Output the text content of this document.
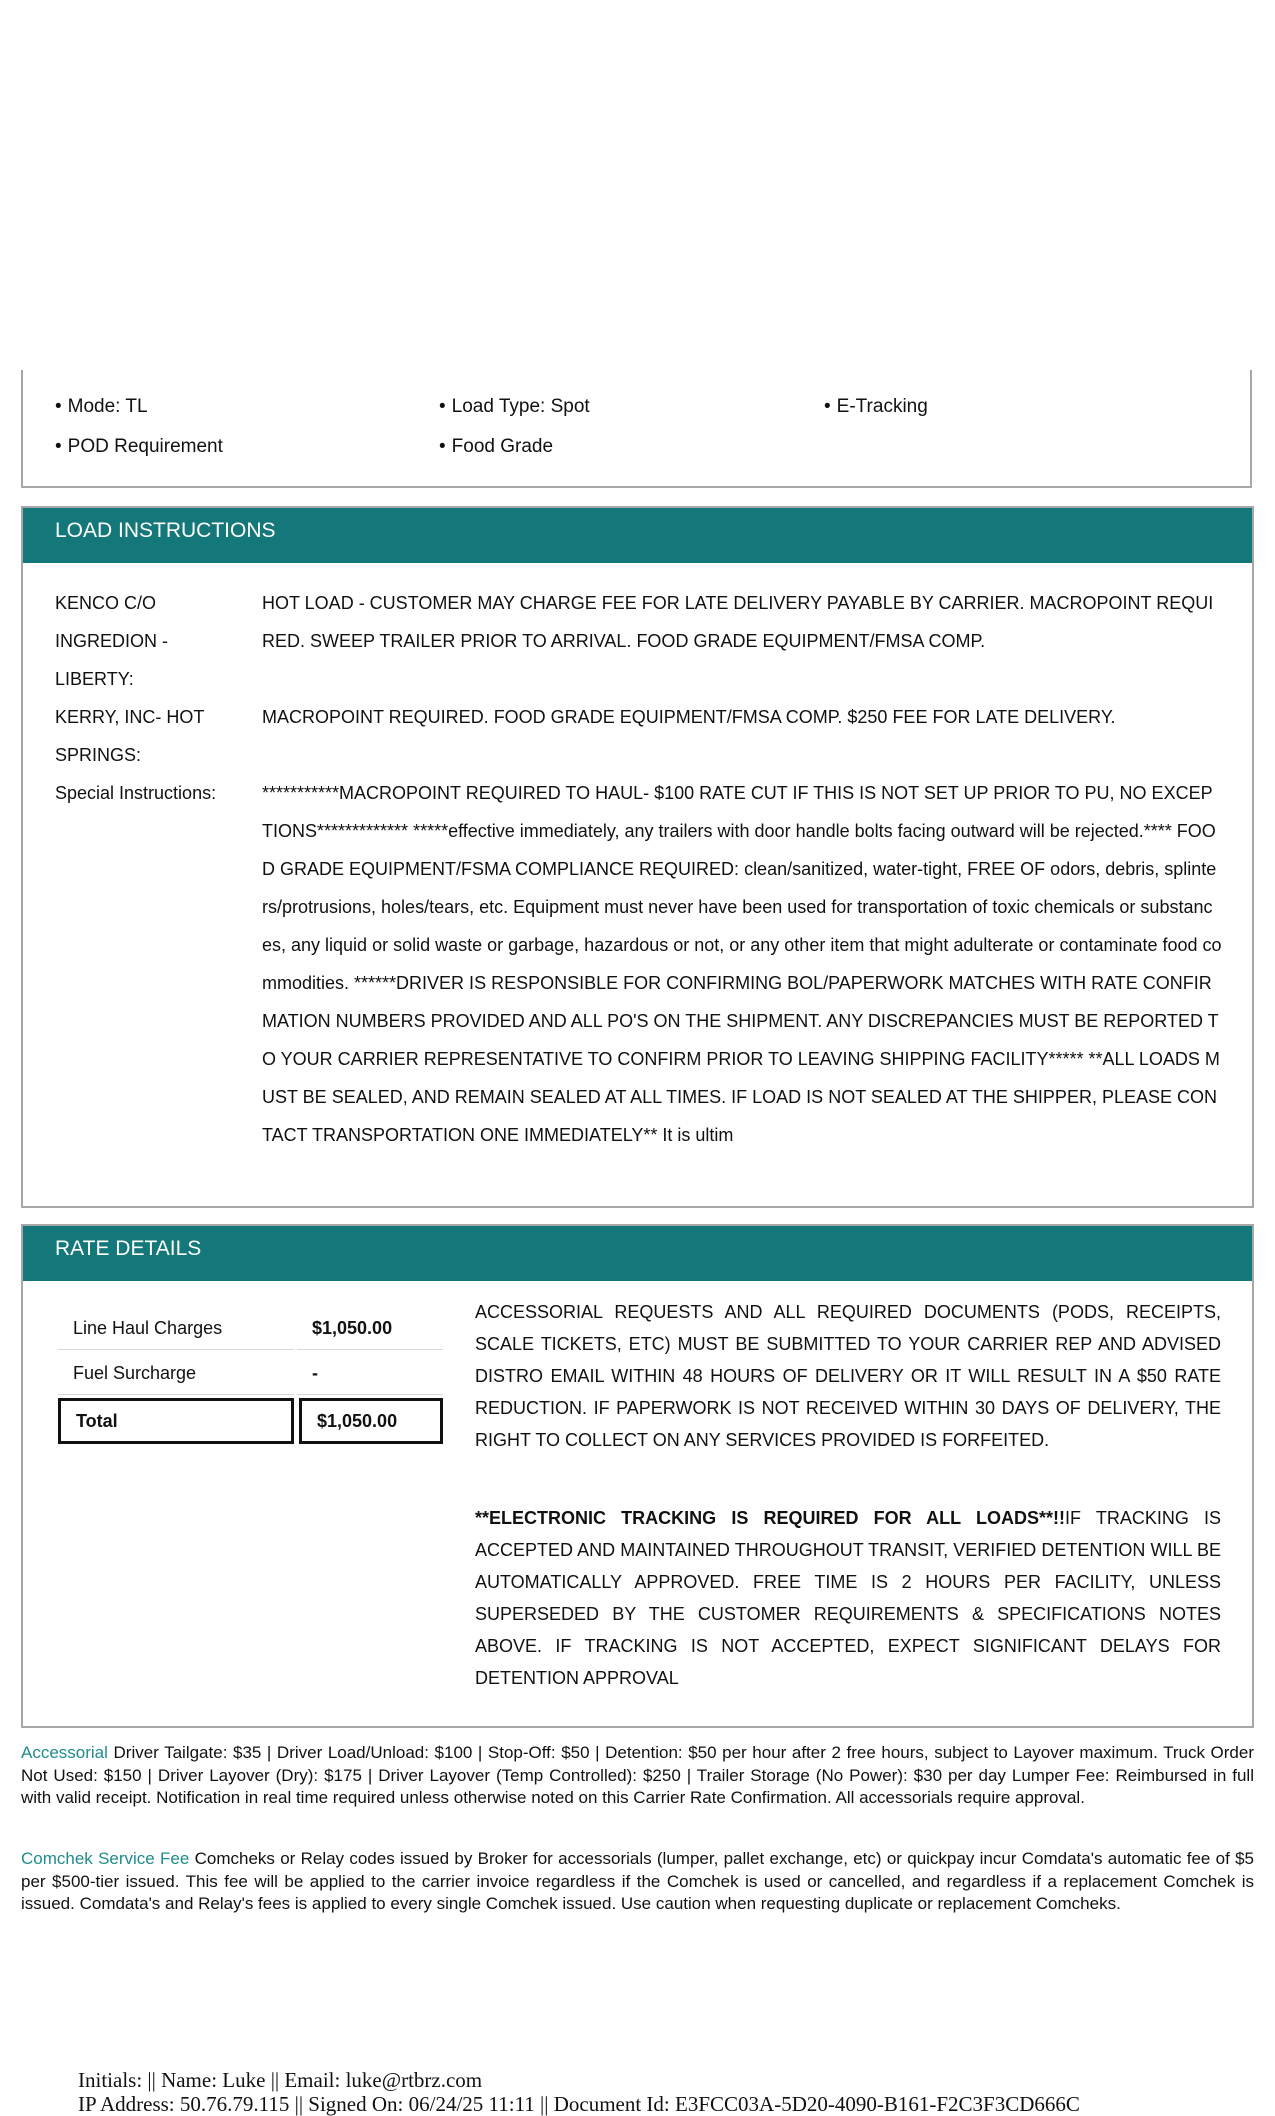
• Mode: TL	• Load Type: Spot	• E-Tracking
• POD Requirement	• Food Grade
LOAD INSTRUCTIONS
KENCO C/O INGREDION - LIBERTY:
HOT LOAD - CUSTOMER MAY CHARGE FEE FOR LATE DELIVERY PAYABLE BY CARRIER. MACROPOINT REQUIRED. SWEEP TRAILER PRIOR TO ARRIVAL. FOOD GRADE EQUIPMENT/FMSA COMP.
KERRY, INC- HOT SPRINGS:
MACROPOINT REQUIRED. FOOD GRADE EQUIPMENT/FMSA COMP. $250 FEE FOR LATE DELIVERY.
Special Instructions:	***********MACROPOINT REQUIRED TO HAUL- $100 RATE CUT IF THIS IS NOT SET UP PRIOR TO PU, NO EXCEPTIONS************* *****effective immediately, any trailers with door handle bolts facing outward will be rejected.**** FOOD GRADE EQUIPMENT/FSMA COMPLIANCE REQUIRED: clean/sanitized, water-tight, FREE OF odors, debris, splinters/protrusions, holes/tears, etc. Equipment must never have been used for transportation of toxic chemicals or substances, any liquid or solid waste or garbage, hazardous or not, or any other item that might adulterate or contaminate food commodities. ******DRIVER IS RESPONSIBLE FOR CONFIRMING BOL/PAPERWORK MATCHES WITH RATE CONFIRMATION NUMBERS PROVIDED AND ALL PO'S ON THE SHIPMENT. ANY DISCREPANCIES MUST BE REPORTED TO YOUR CARRIER REPRESENTATIVE TO CONFIRM PRIOR TO LEAVING SHIPPING FACILITY***** **ALL LOADS MUST BE SEALED, AND REMAIN SEALED AT ALL TIMES. IF LOAD IS NOT SEALED AT THE SHIPPER, PLEASE CONTACT TRANSPORTATION ONE IMMEDIATELY** It is ultim
RATE DETAILS
Line Haul Charges	$1,050.00
Fuel Surcharge	-
Total	$1,050.00
ACCESSORIAL REQUESTS AND ALL REQUIRED DOCUMENTS (PODS, RECEIPTS, SCALE TICKETS, ETC) MUST BE SUBMITTED TO YOUR CARRIER REP AND ADVISED DISTRO EMAIL WITHIN 48 HOURS OF DELIVERY OR IT WILL RESULT IN A $50 RATE REDUCTION. IF PAPERWORK IS NOT RECEIVED WITHIN 30 DAYS OF DELIVERY, THE RIGHT TO COLLECT ON ANY SERVICES PROVIDED IS FORFEITED.
**ELECTRONIC TRACKING IS REQUIRED FOR ALL LOADS**!!IF TRACKING IS ACCEPTED AND MAINTAINED THROUGHOUT TRANSIT, VERIFIED DETENTION WILL BE AUTOMATICALLY APPROVED. FREE TIME IS 2 HOURS PER FACILITY, UNLESS SUPERSEDED BY THE CUSTOMER REQUIREMENTS & SPECIFICATIONS NOTES ABOVE. IF TRACKING IS NOT ACCEPTED, EXPECT SIGNIFICANT DELAYS FOR DETENTION APPROVAL
Accessorial Driver Tailgate: $35 | Driver Load/Unload: $100 | Stop-Off: $50 | Detention: $50 per hour after 2 free hours, subject to Layover maximum. Truck Order Not Used: $150 | Driver Layover (Dry): $175 | Driver Layover (Temp Controlled): $250 | Trailer Storage (No Power): $30 per day Lumper Fee: Reimbursed in full with valid receipt. Notification in real time required unless otherwise noted on this Carrier Rate Confirmation. All accessorials require approval.
Comchek Service Fee Comcheks or Relay codes issued by Broker for accessorials (lumper, pallet exchange, etc) or quickpay incur Comdata's automatic fee of $5 per $500-tier issued. This fee will be applied to the carrier invoice regardless if the Comchek is used or cancelled, and regardless if a replacement Comchek is issued. Comdata's and Relay's fees is applied to every single Comchek issued. Use caution when requesting duplicate or replacement Comcheks.
Initials: || Name: Luke || Email: luke@rtbrz.com
IP Address: 50.76.79.115 || Signed On: 06/24/25 11:11 || Document Id: E3FCC03A-5D20-4090-B161-F2C3F3CD666C
